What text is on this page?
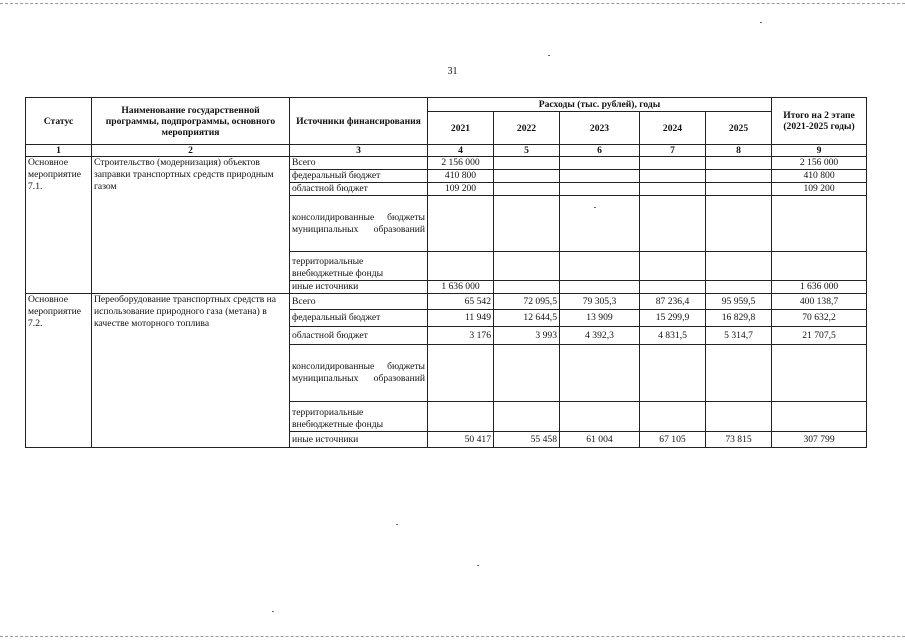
31
Статус	Наименование государственной программы, подпрограммы, основного мероприятия	Источники финансирования	Расходы (тыс. рублей), годы					Итого на 2 этапе (2021-2025 годы)
			2021	2022	2023	2024	2025	
1	2	3	4	5	6	7	8	9
Основное мероприятие 7.1.	Строительство (модернизация) объектов заправки транспортных средств природным газом	Всего	2 156 000					2 156 000
		федеральный бюджет	410 800					410 800
		областной бюджет	109 200					109 200
		консолидированные бюджеты муниципальных образований						
		территориальные внебюджетные фонды						
		иные источники	1 636 000					1 636 000
Основное мероприятие 7.2.	Переоборудование транспортных средств на использование природного газа (метана) в качестве моторного топлива	Всего	65 542	72 095,5	79 305,3	87 236,4	95 959,5	400 138,7
		федеральный бюджет	11 949	12 644,5	13 909	15 299,9	16 829,8	70 632,2
		областной бюджет	3 176	3 993	4 392,3	4 831,5	5 314,7	21 707,5
		консолидированные бюджеты муниципальных образований						
		территориальные внебюджетные фонды						
		иные источники	50 417	55 458	61 004	67 105	73 815	307 799
